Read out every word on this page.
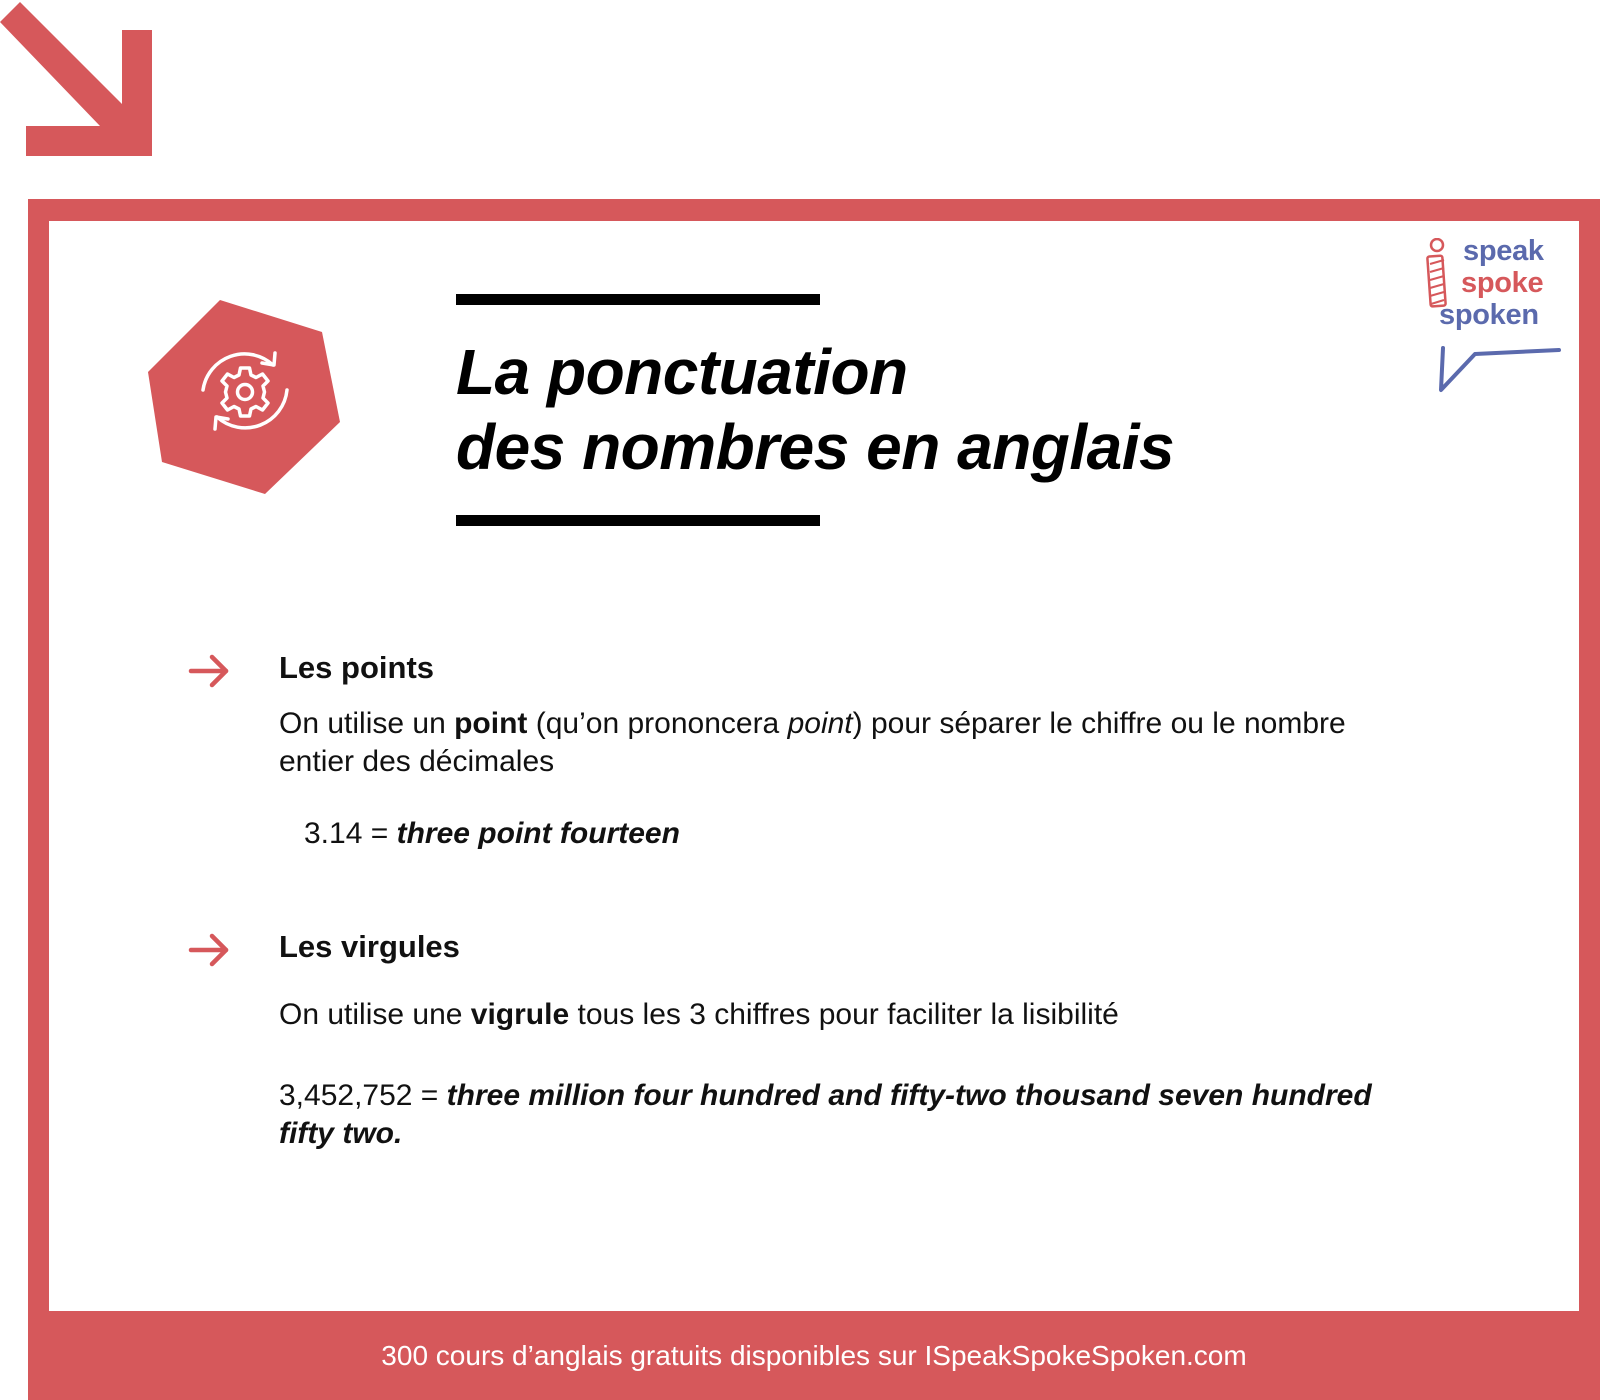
La ponctuation
des nombres en anglais
speak
spoke
spoken
Les points
On utilise un point (qu’on prononcera point) pour séparer le chiffre ou le nombre entier des décimales
3.14 = three point fourteen
Les virgules
On utilise une vigrule tous les 3 chiffres pour faciliter la lisibilité
3,452,752 = three million four hundred and fifty-two thousand seven hundred fifty two.
300 cours d’anglais gratuits disponibles sur ISpeakSpokeSpoken.com
